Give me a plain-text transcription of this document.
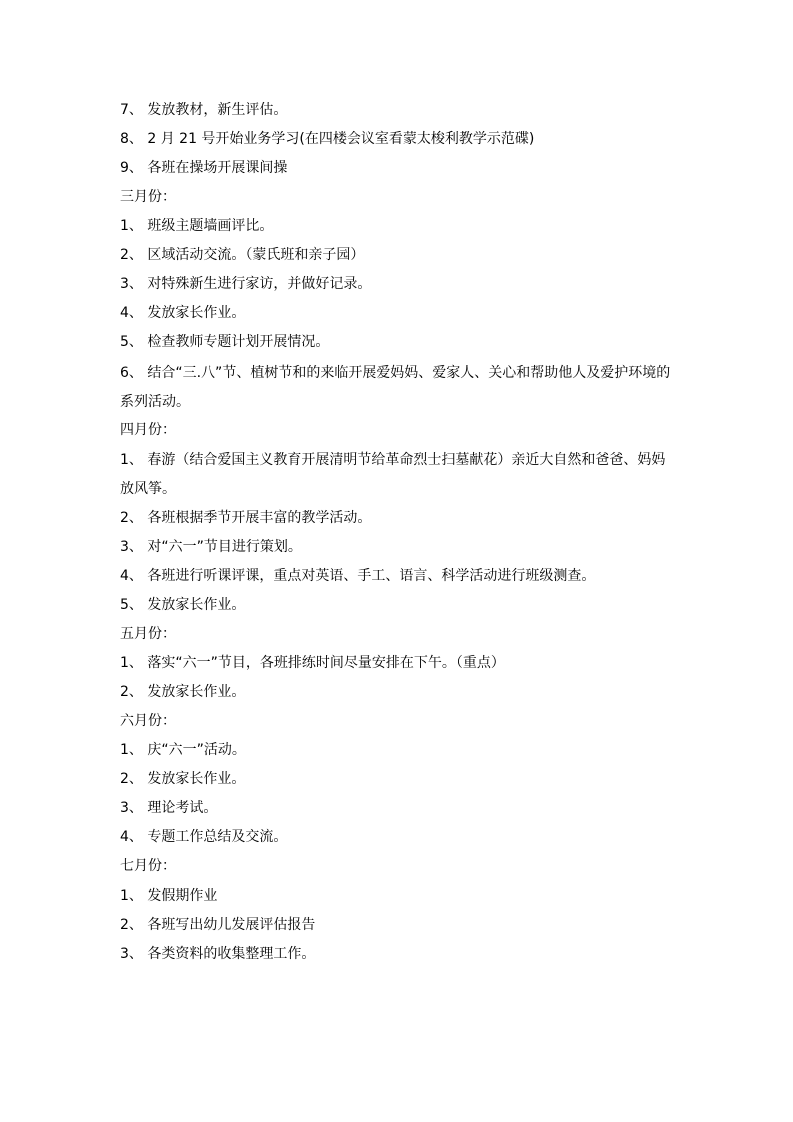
7、 发放教材，新生评估。
8、 2 月 21 号开始业务学习(在四楼会议室看蒙太梭利教学示范碟)
9、 各班在操场开展课间操
三月份：
1、 班级主题墙画评比。
2、 区域活动交流。（蒙氏班和亲子园）
3、 对特殊新生进行家访，并做好记录。
4、 发放家长作业。
5、 检查教师专题计划开展情况。
6、 结合“三.八”节、植树节和的来临开展爱妈妈、爱家人、关心和帮助他人及爱护环境的
系列活动。
四月份：
1、 春游（结合爱国主义教育开展清明节给革命烈士扫墓献花）亲近大自然和爸爸、妈妈
放风筝。
2、 各班根据季节开展丰富的教学活动。
3、 对“六一”节目进行策划。
4、 各班进行听课评课，重点对英语、手工、语言、科学活动进行班级测查。
5、 发放家长作业。
五月份：
1、 落实“六一”节目，各班排练时间尽量安排在下午。（重点）
2、 发放家长作业。
六月份：
1、 庆“六一”活动。
2、 发放家长作业。
3、 理论考试。
4、 专题工作总结及交流。
七月份：
1、 发假期作业
2、 各班写出幼儿发展评估报告
3、 各类资料的收集整理工作。
